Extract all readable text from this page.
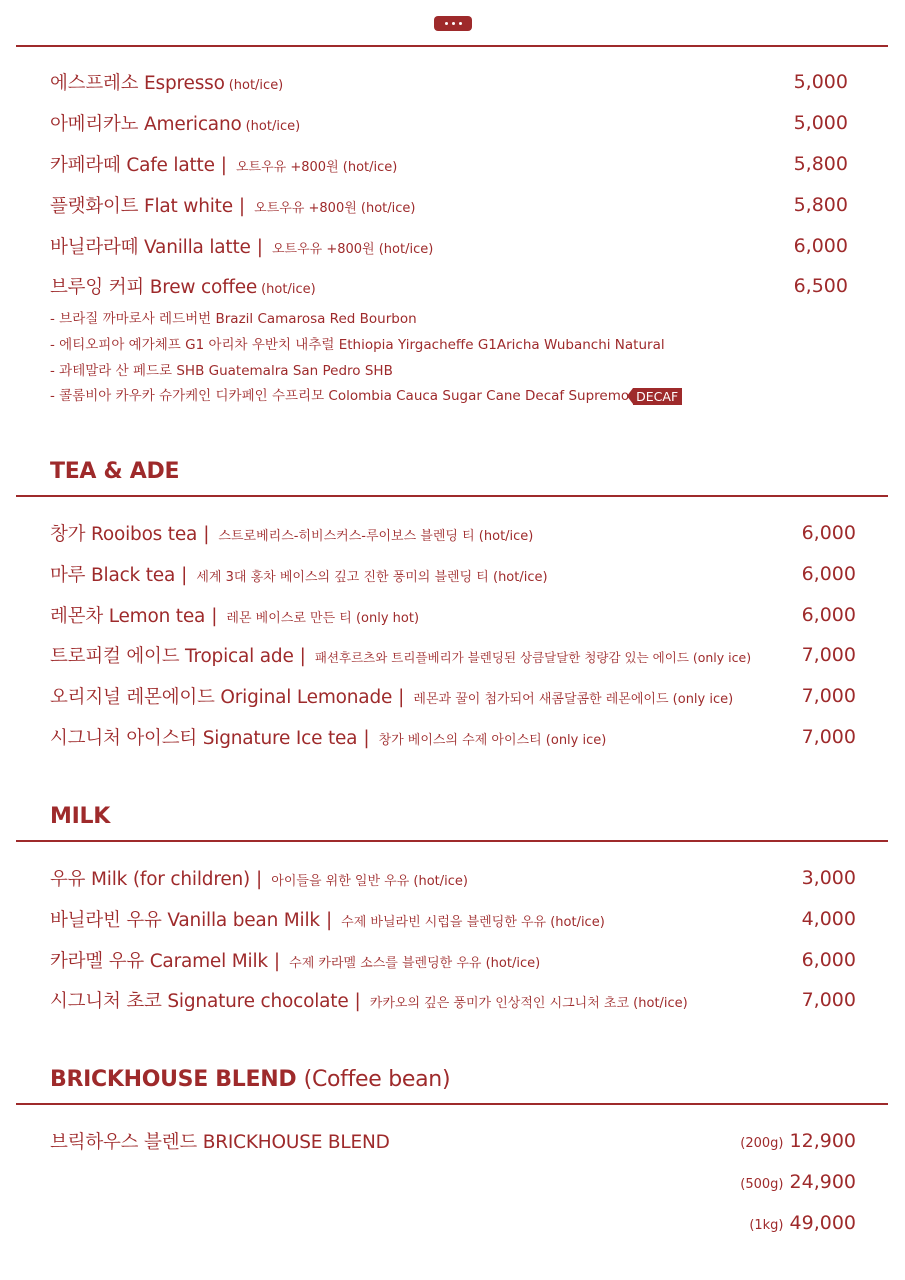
에스프레소 Espresso (hot/ice)	5,000
아메리카노 Americano (hot/ice)	5,000
카페라떼 Cafe latte | 오트우유 +800원 (hot/ice)	5,800
플랫화이트 Flat white | 오트우유 +800원 (hot/ice)	5,800
바닐라라떼 Vanilla latte | 오트우유 +800원 (hot/ice)	6,000
브루잉 커피 Brew coffee (hot/ice)	6,500
- 브라질 까마로사 레드버번 Brazil Camarosa Red Bourbon
- 에티오피아 예가체프 G1 아리차 우반치 내추럴 Ethiopia Yirgacheffe G1Aricha Wubanchi Natural
- 과테말라 산 페드로 SHB Guatemalra San Pedro SHB
- 콜롬비아 카우카 슈가케인 디카페인 수프리모 Colombia Cauca Sugar Cane Decaf Supremo DECAF
TEA & ADE
창가 Rooibos tea | 스트로베리스-히비스커스-루이보스 블렌딩 티 (hot/ice)	6,000
마루 Black tea | 세계 3대 홍차 베이스의 깊고 진한 풍미의 블렌딩 티 (hot/ice)	6,000
레몬차 Lemon tea | 레몬 베이스로 만든 티 (only hot)	6,000
트로피컬 에이드 Tropical ade | 패션후르츠와 트리플베리가 블렌딩된 상큼달달한 청량감 있는 에이드 (only ice)	7,000
오리지널 레몬에이드 Original Lemonade | 레몬과 꿀이 첨가되어 새콤달콤한 레몬에이드 (only ice)	7,000
시그니처 아이스티 Signature Ice tea | 창가 베이스의 수제 아이스티 (only ice)	7,000
MILK
우유 Milk (for children) | 아이들을 위한 일반 우유 (hot/ice)	3,000
바닐라빈 우유 Vanilla bean Milk | 수제 바닐라빈 시럽을 블렌딩한 우유 (hot/ice)	4,000
카라멜 우유 Caramel Milk | 수제 카라멜 소스를 블렌딩한 우유 (hot/ice)	6,000
시그니처 초코 Signature chocolate | 카카오의 깊은 풍미가 인상적인 시그니처 초코 (hot/ice)	7,000
BRICKHOUSE BLEND (Coffee bean)
브릭하우스 블렌드 BRICKHOUSE BLEND	(200g) 12,900
(500g) 24,900
(1kg) 49,000
